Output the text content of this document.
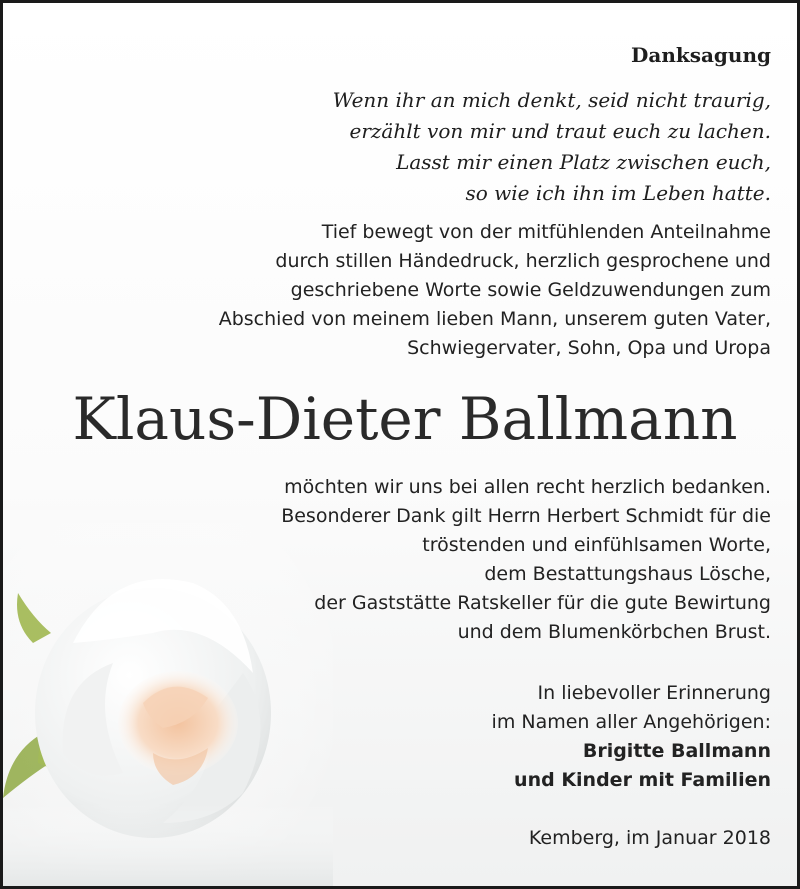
Danksagung
Wenn ihr an mich denkt, seid nicht traurig,
erzählt von mir und traut euch zu lachen.
Lasst mir einen Platz zwischen euch,
so wie ich ihn im Leben hatte.
Tief bewegt von der mitfühlenden Anteilnahme
durch stillen Händedruck, herzlich gesprochene und
geschriebene Worte sowie Geldzuwendungen zum
Abschied von meinem lieben Mann, unserem guten Vater,
Schwiegervater, Sohn, Opa und Uropa
Klaus-Dieter Ballmann
möchten wir uns bei allen recht herzlich bedanken.
Besonderer Dank gilt Herrn Herbert Schmidt für die
tröstenden und einfühlsamen Worte,
dem Bestattungshaus Lösche,
der Gaststätte Ratskeller für die gute Bewirtung
und dem Blumenkörbchen Brust.
In liebevoller Erinnerung
im Namen aller Angehörigen:
Brigitte Ballmann
und Kinder mit Familien
Kemberg, im Januar 2018
